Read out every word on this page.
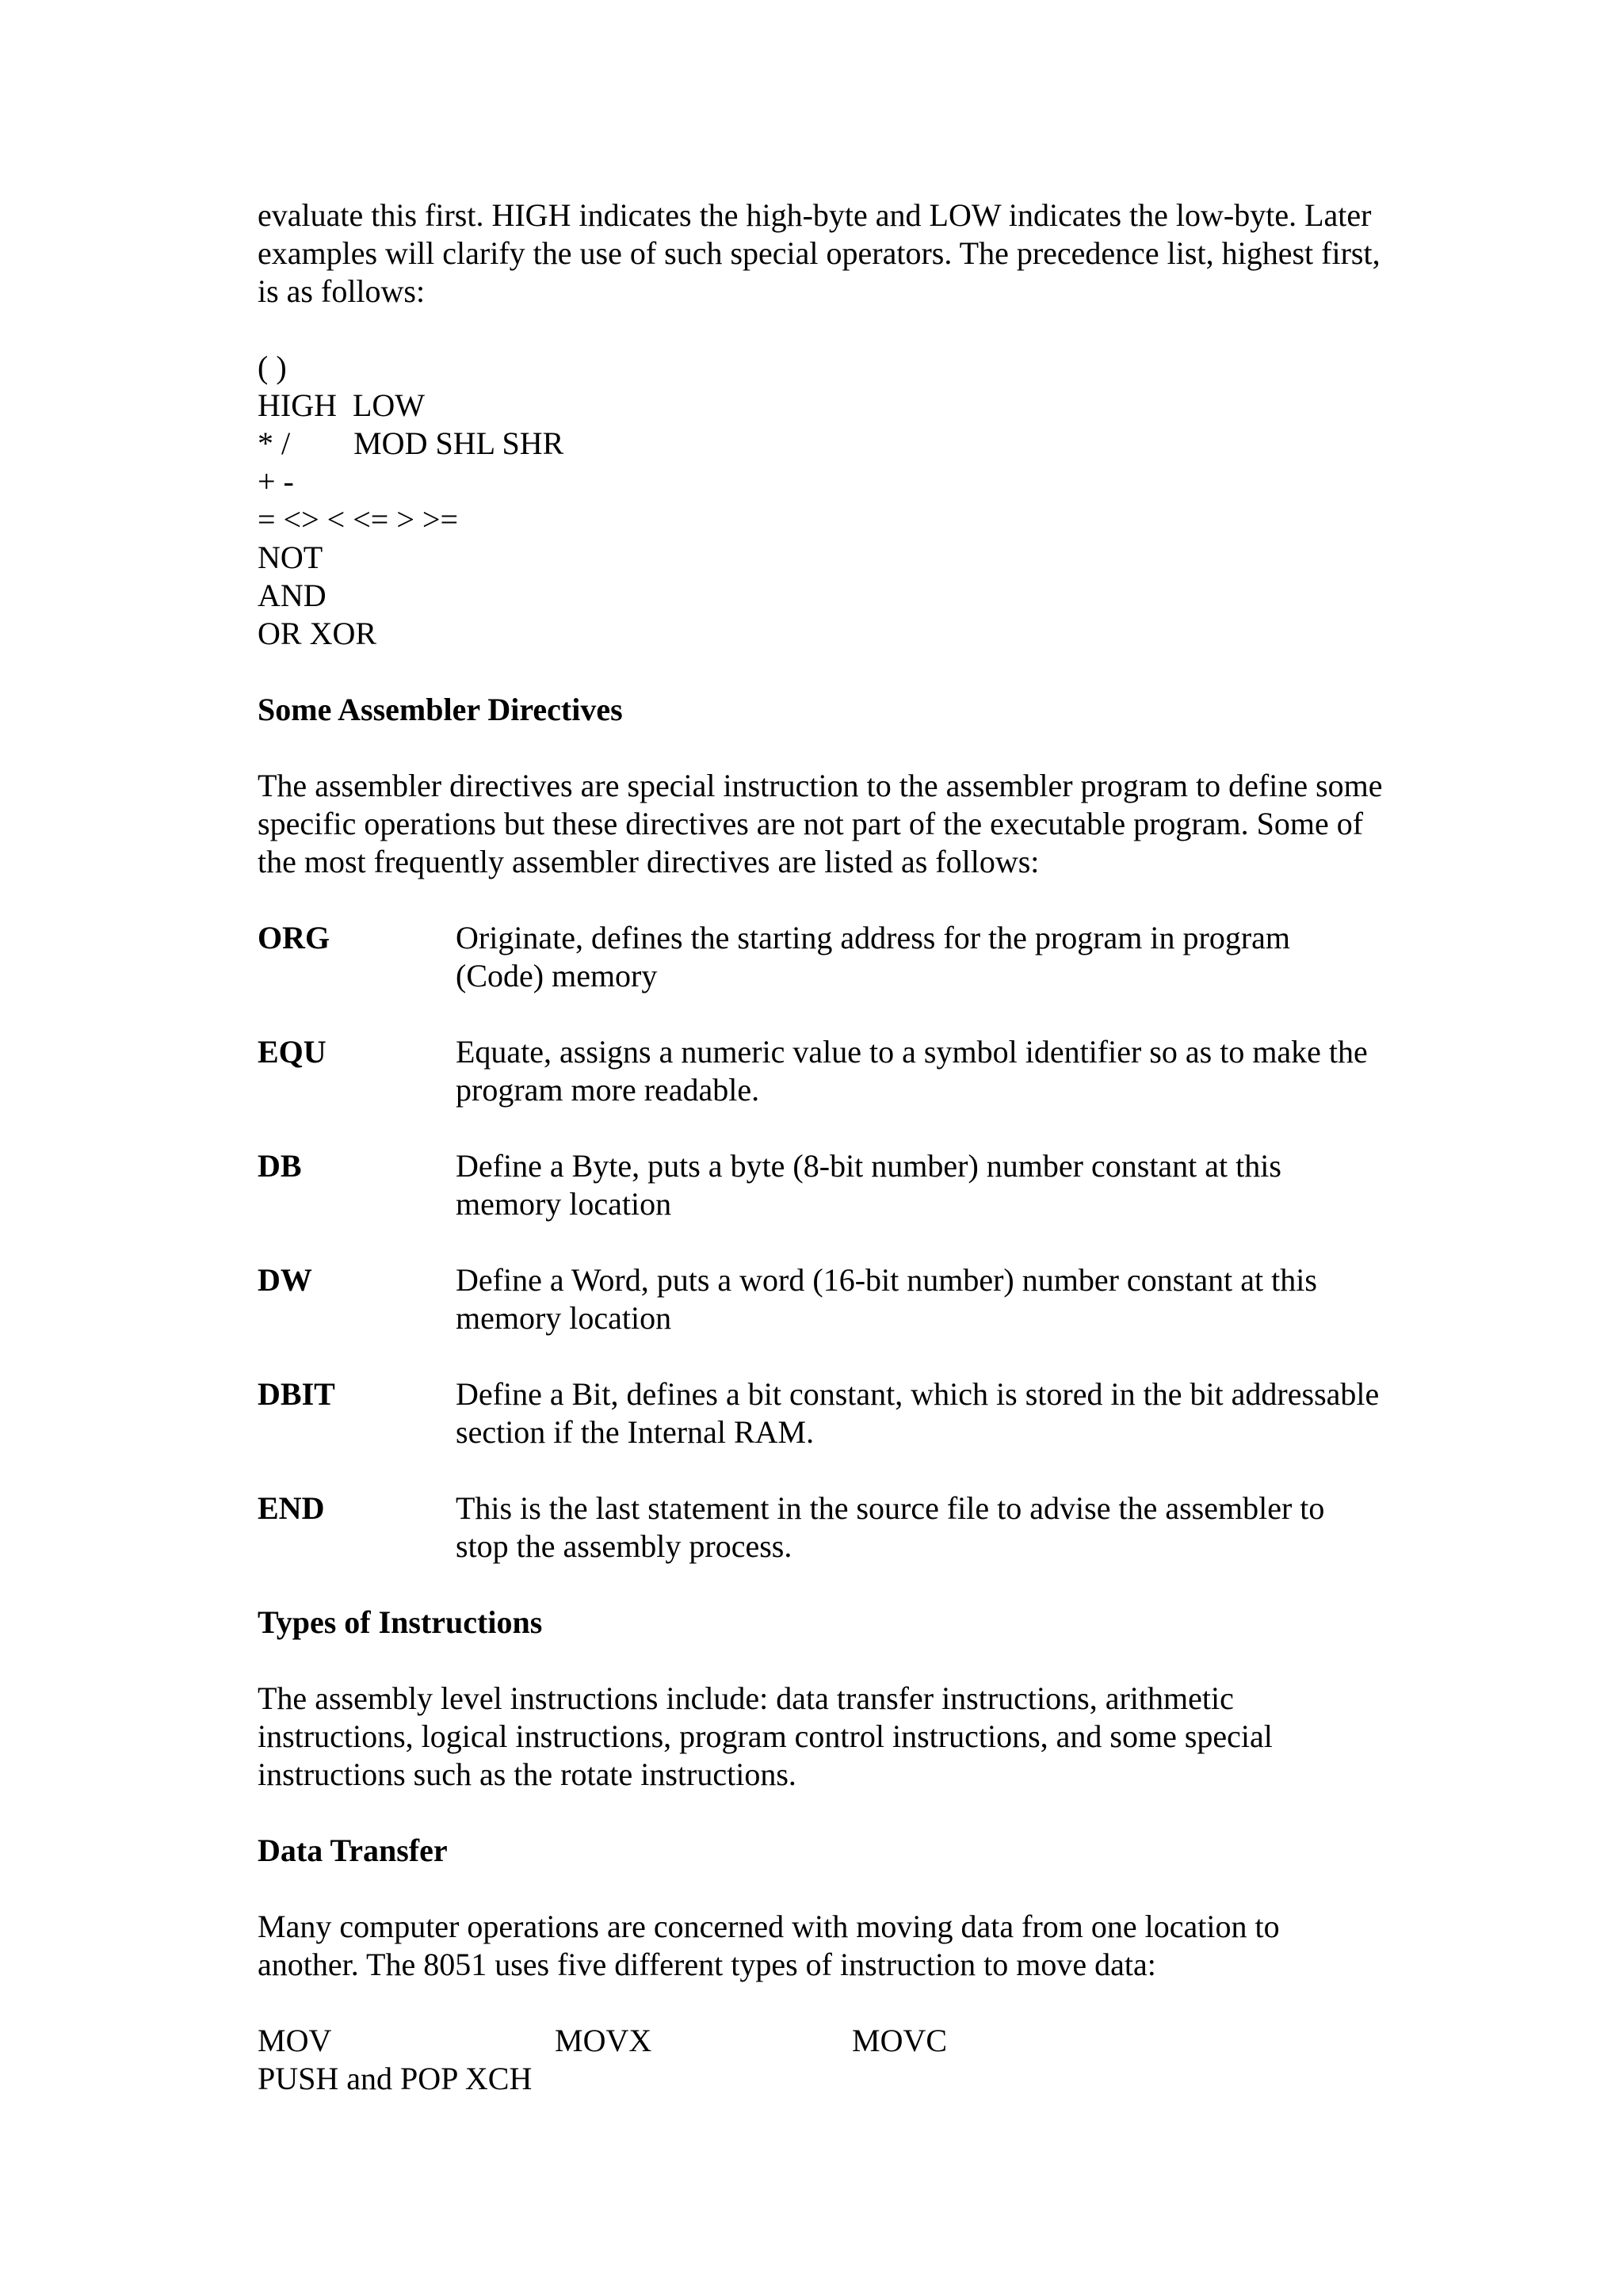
evaluate this first. HIGH indicates the high-byte and LOW indicates the low-byte. Later examples will clarify the use of such special operators. The precedence list, highest first, is as follows:

( )
HIGH  LOW
* /        MOD SHL SHR
+ -
= <> < <= > >=
NOT
AND
OR XOR

Some Assembler Directives

The assembler directives are special instruction to the assembler program to define some specific operations but these directives are not part of the executable program. Some of the most frequently assembler directives are listed as follows:

ORG	Originate, defines the starting address for the program in program (Code) memory
EQU	Equate, assigns a numeric value to a symbol identifier so as to make the program more readable.
DB	Define a Byte, puts a byte (8-bit number) number constant at this memory location
DW	Define a Word, puts a word (16-bit number) number constant at this memory location
DBIT	Define a Bit, defines a bit constant, which is stored in the bit addressable section if the Internal RAM.
END	This is the last statement in the source file to advise the assembler to stop the assembly process.

Types of Instructions

The assembly level instructions include: data transfer instructions, arithmetic instructions, logical instructions, program control instructions, and some special instructions such as the rotate instructions.

Data Transfer

Many computer operations are concerned with moving data from one location to another. The 8051 uses five different types of instruction to move data:

MOV	MOVX	MOVC
PUSH and POP XCH
